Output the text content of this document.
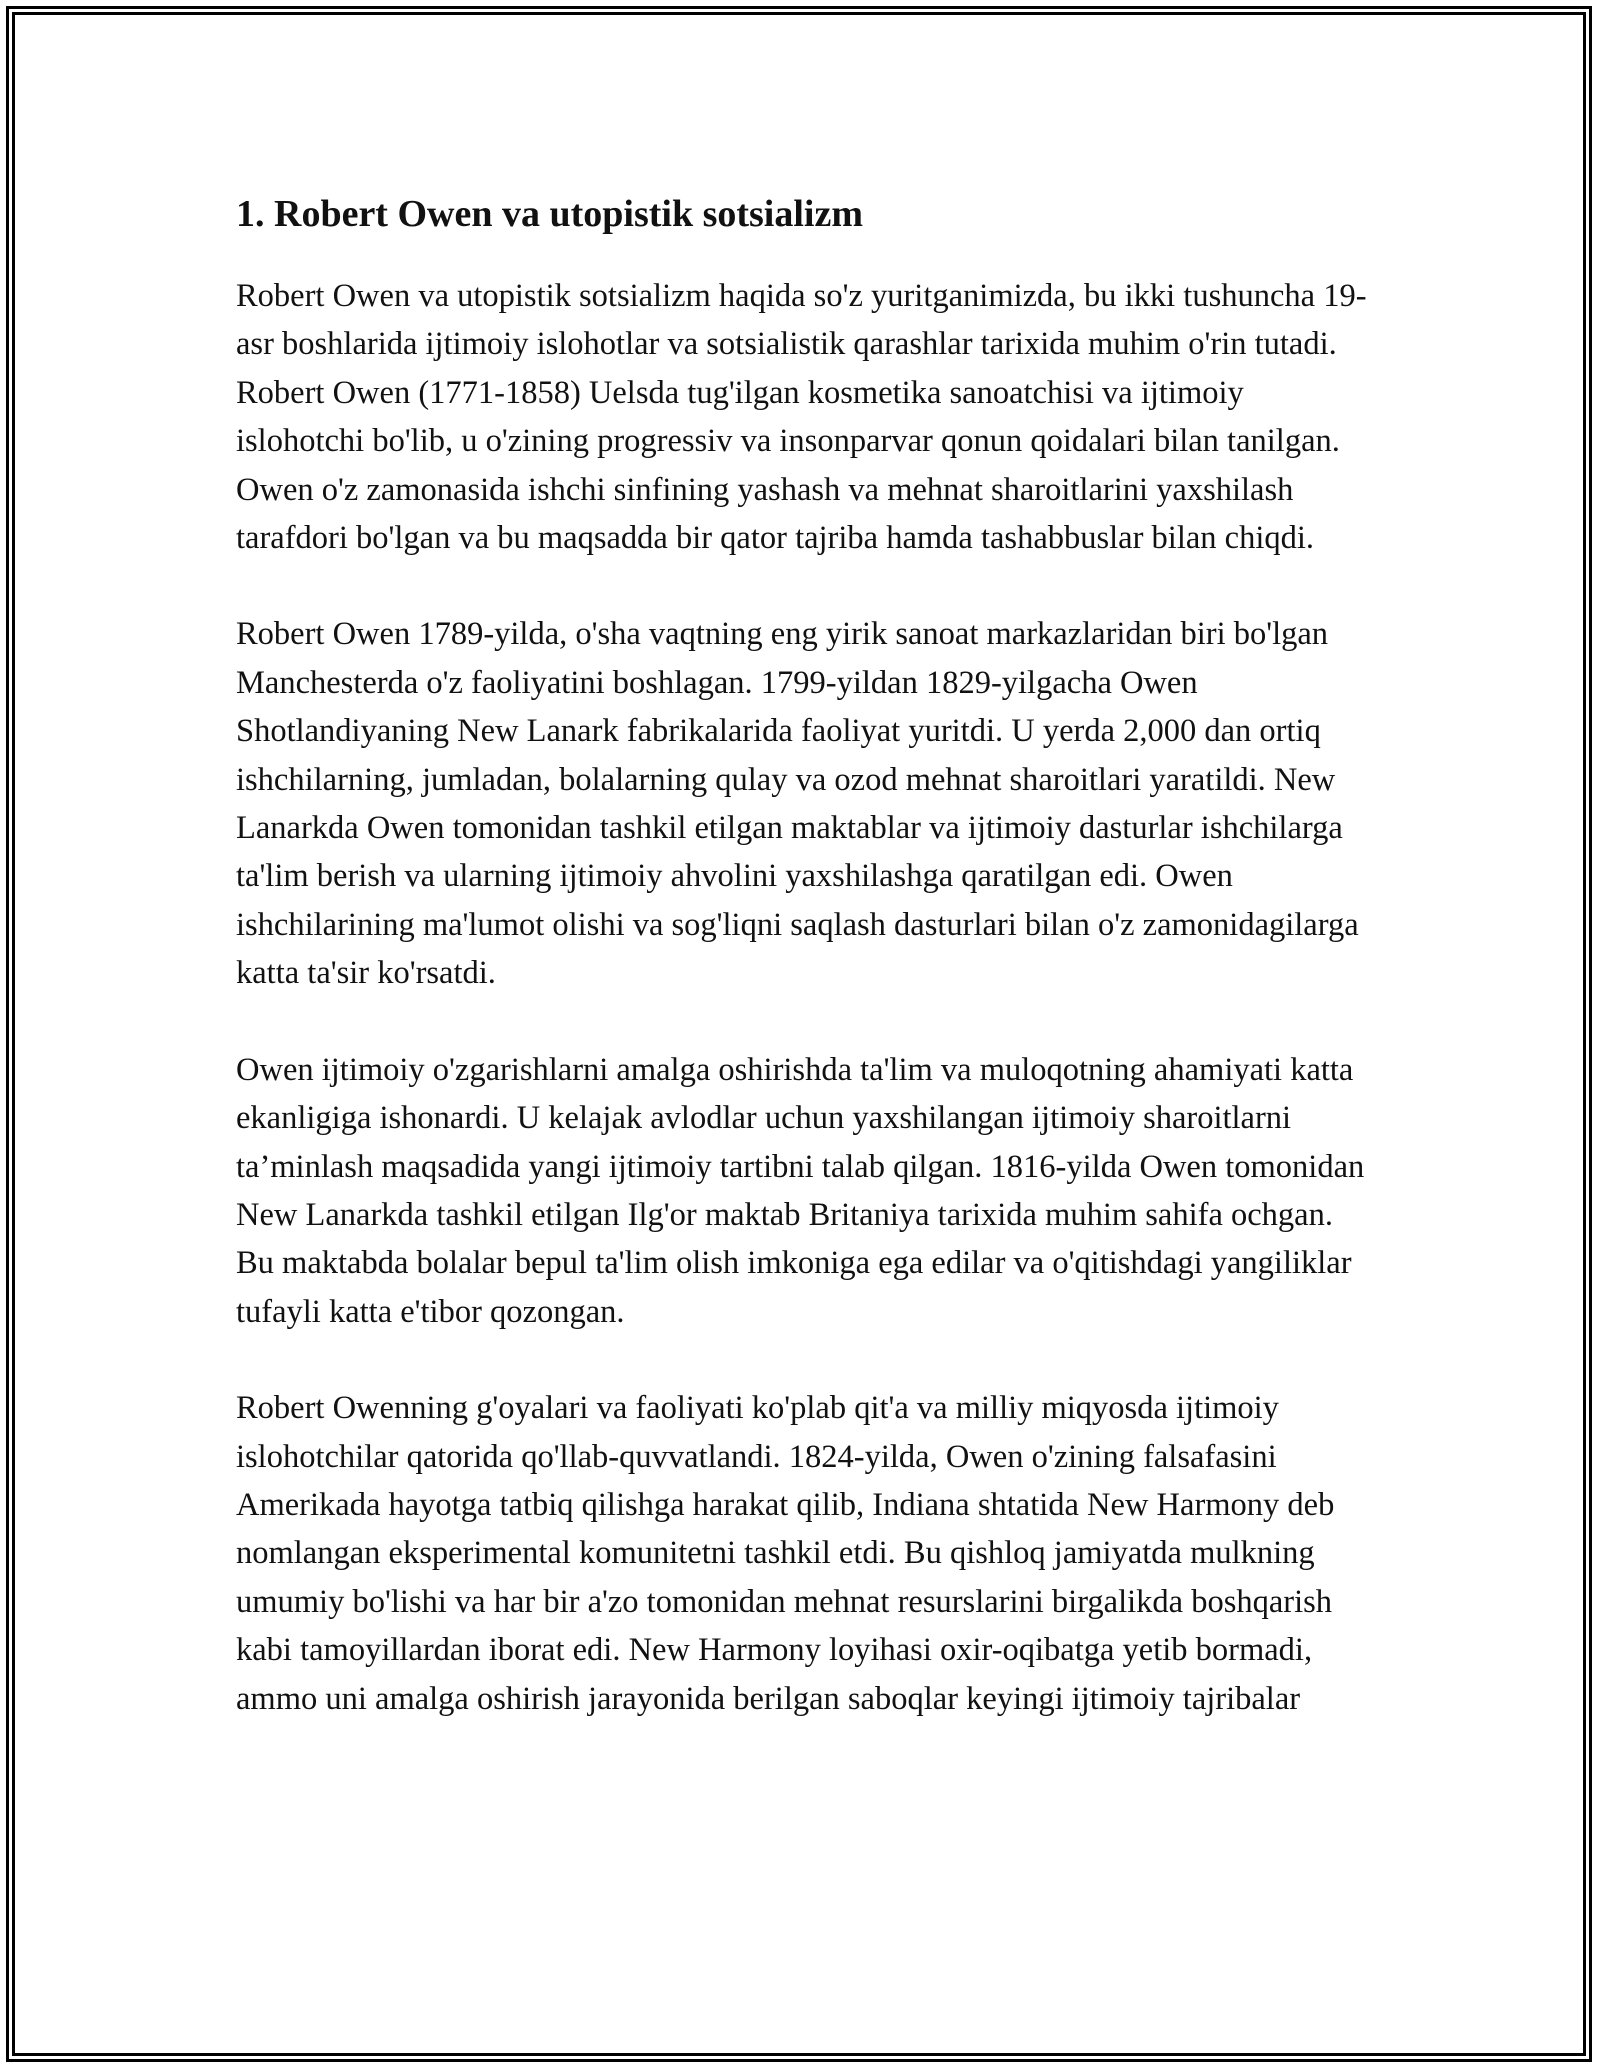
1. Robert Owen va utopistik sotsializm

Robert Owen va utopistik sotsializm haqida so'z yuritganimizda, bu ikki tushuncha 19-asr boshlarida ijtimoiy islohotlar va sotsialistik qarashlar tarixida muhim o'rin tutadi. Robert Owen (1771-1858) Uelsda tug'ilgan kosmetika sanoatchisi va ijtimoiy islohotchi bo'lib, u o'zining progressiv va insonparvar qonun qoidalari bilan tanilgan. Owen o'z zamonasida ishchi sinfining yashash va mehnat sharoitlarini yaxshilash tarafdori bo'lgan va bu maqsadda bir qator tajriba hamda tashabbuslar bilan chiqdi.

Robert Owen 1789-yilda, o'sha vaqtning eng yirik sanoat markazlaridan biri bo'lgan Manchesterda o'z faoliyatini boshlagan. 1799-yildan 1829-yilgacha Owen Shotlandiyaning New Lanark fabrikalarida faoliyat yuritdi. U yerda 2,000 dan ortiq ishchilarning, jumladan, bolalarning qulay va ozod mehnat sharoitlari yaratildi. New Lanarkda Owen tomonidan tashkil etilgan maktablar va ijtimoiy dasturlar ishchilarga ta'lim berish va ularning ijtimoiy ahvolini yaxshilashga qaratilgan edi. Owen ishchilarining ma'lumot olishi va sog'liqni saqlash dasturlari bilan o'z zamonidagilarga katta ta'sir ko'rsatdi.

Owen ijtimoiy o'zgarishlarni amalga oshirishda ta'lim va muloqotning ahamiyati katta ekanligiga ishonardi. U kelajak avlodlar uchun yaxshilangan ijtimoiy sharoitlarni ta’minlash maqsadida yangi ijtimoiy tartibni talab qilgan. 1816-yilda Owen tomonidan New Lanarkda tashkil etilgan Ilg'or maktab Britaniya tarixida muhim sahifa ochgan. Bu maktabda bolalar bepul ta'lim olish imkoniga ega edilar va o'qitishdagi yangiliklar tufayli katta e'tibor qozongan.

Robert Owenning g'oyalari va faoliyati ko'plab qit'a va milliy miqyosda ijtimoiy islohotchilar qatorida qo'llab-quvvatlandi. 1824-yilda, Owen o'zining falsafasini Amerikada hayotga tatbiq qilishga harakat qilib, Indiana shtatida New Harmony deb nomlangan eksperimental komunitetni tashkil etdi. Bu qishloq jamiyatda mulkning umumiy bo'lishi va har bir a'zo tomonidan mehnat resurslarini birgalikda boshqarish kabi tamoyillardan iborat edi. New Harmony loyihasi oxir-oqibatga yetib bormadi, ammo uni amalga oshirish jarayonida berilgan saboqlar keyingi ijtimoiy tajribalar
